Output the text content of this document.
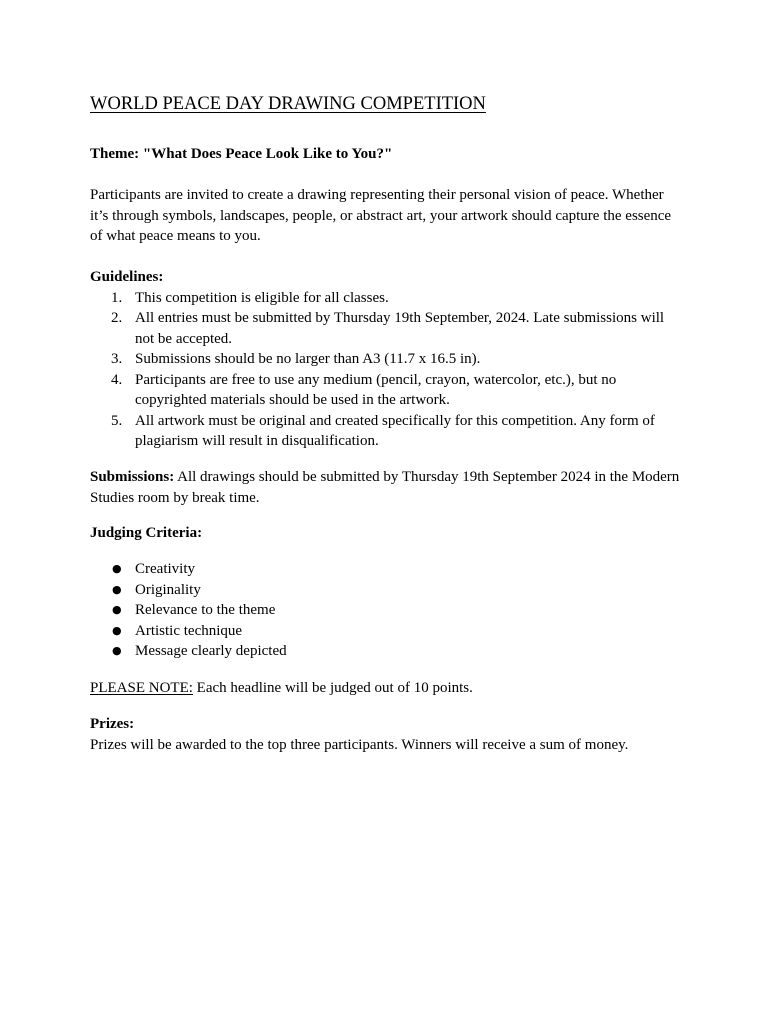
WORLD PEACE DAY DRAWING COMPETITION

Theme: "What Does Peace Look Like to You?"

Participants are invited to create a drawing representing their personal vision of peace. Whether it’s through symbols, landscapes, people, or abstract art, your artwork should capture the essence of what peace means to you.

Guidelines:

1. This competition is eligible for all classes.
2. All entries must be submitted by Thursday 19th September, 2024. Late submissions will not be accepted.
3. Submissions should be no larger than A3 (11.7 x 16.5 in).
4. Participants are free to use any medium (pencil, crayon, watercolor, etc.), but no copyrighted materials should be used in the artwork.
5. All artwork must be original and created specifically for this competition. Any form of plagiarism will result in disqualification.

Submissions: All drawings should be submitted by Thursday 19th September 2024 in the Modern Studies room by break time.

Judging Criteria:

● Creativity
● Originality
● Relevance to the theme
● Artistic technique
● Message clearly depicted

PLEASE NOTE: Each headline will be judged out of 10 points.

Prizes:

Prizes will be awarded to the top three participants. Winners will receive a sum of money.
